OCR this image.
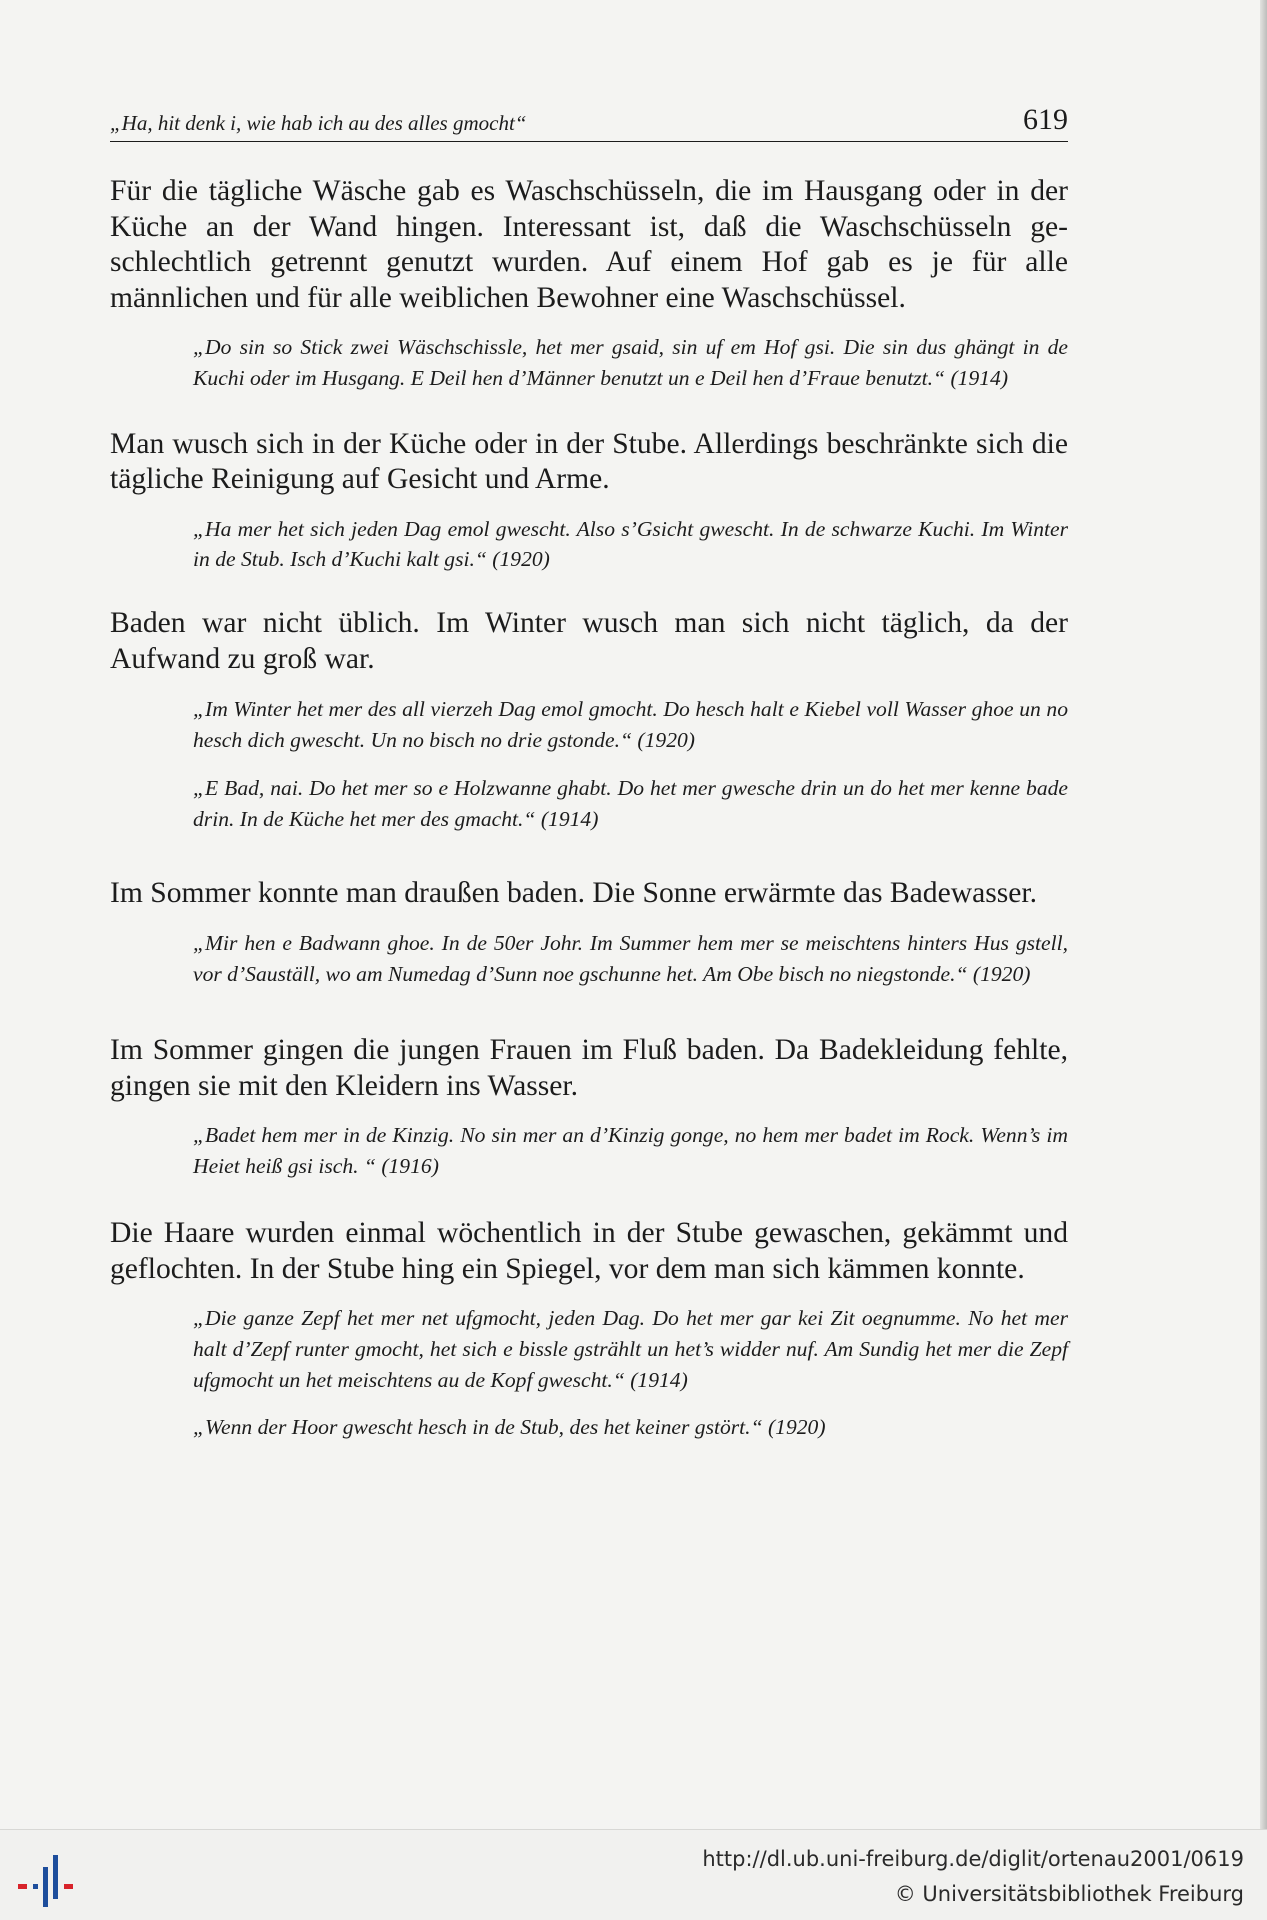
„Ha, hit denk i, wie hab ich au des alles gmocht“	619

Für die tägliche Wäsche gab es Waschschüsseln, die im Hausgang oder in der Küche an der Wand hingen. Interessant ist, daß die Waschschüsseln geschlechtlich getrennt genutzt wurden. Auf einem Hof gab es je für alle männlichen und für alle weiblichen Bewohner eine Waschschüssel.

„Do sin so Stick zwei Wäschschissle, het mer gsaid, sin uf em Hof gsi. Die sin dus ghängt in de Kuchi oder im Husgang. E Deil hen d’Männer benutzt un e Deil hen d’Fraue benutzt.“ (1914)

Man wusch sich in der Küche oder in der Stube. Allerdings beschränkte sich die tägliche Reinigung auf Gesicht und Arme.

„Ha mer het sich jeden Dag emol gwescht. Also s’Gsicht gwescht. In de schwarze Kuchi. Im Winter in de Stub. Isch d’Kuchi kalt gsi.“ (1920)

Baden war nicht üblich. Im Winter wusch man sich nicht täglich, da der Aufwand zu groß war.

„Im Winter het mer des all vierzeh Dag emol gmocht. Do hesch halt e Kiebel voll Wasser ghoe un no hesch dich gwescht. Un no bisch no drie gstonde.“ (1920)

„E Bad, nai. Do het mer so e Holzwanne ghabt. Do het mer gwesche drin un do het mer kenne bade drin. In de Küche het mer des gmacht.“ (1914)

Im Sommer konnte man draußen baden. Die Sonne erwärmte das Badewasser.

„Mir hen e Badwann ghoe. In de 50er Johr. Im Summer hem mer se meischtens hinters Hus gstell, vor d’Sauställ, wo am Numedag d’Sunn noe gschunne het. Am Obe bisch no niegstonde.“ (1920)

Im Sommer gingen die jungen Frauen im Fluß baden. Da Badekleidung fehlte, gingen sie mit den Kleidern ins Wasser.

„Badet hem mer in de Kinzig. No sin mer an d’Kinzig gonge, no hem mer badet im Rock. Wenn’s im Heiet heiß gsi isch. “ (1916)

Die Haare wurden einmal wöchentlich in der Stube gewaschen, gekämmt und geflochten. In der Stube hing ein Spiegel, vor dem man sich kämmen konnte.

„Die ganze Zepf het mer net ufgmocht, jeden Dag. Do het mer gar kei Zit oegnumme. No het mer halt d’Zepf runter gmocht, het sich e bissle gstrählt un het’s widder nuf. Am Sundig het mer die Zepf ufgmocht un het meischtens au de Kopf gwescht.“ (1914)

„Wenn der Hoor gwescht hesch in de Stub, des het keiner gstört.“ (1920)

http://dl.ub.uni-freiburg.de/diglit/ortenau2001/0619
© Universitätsbibliothek Freiburg
